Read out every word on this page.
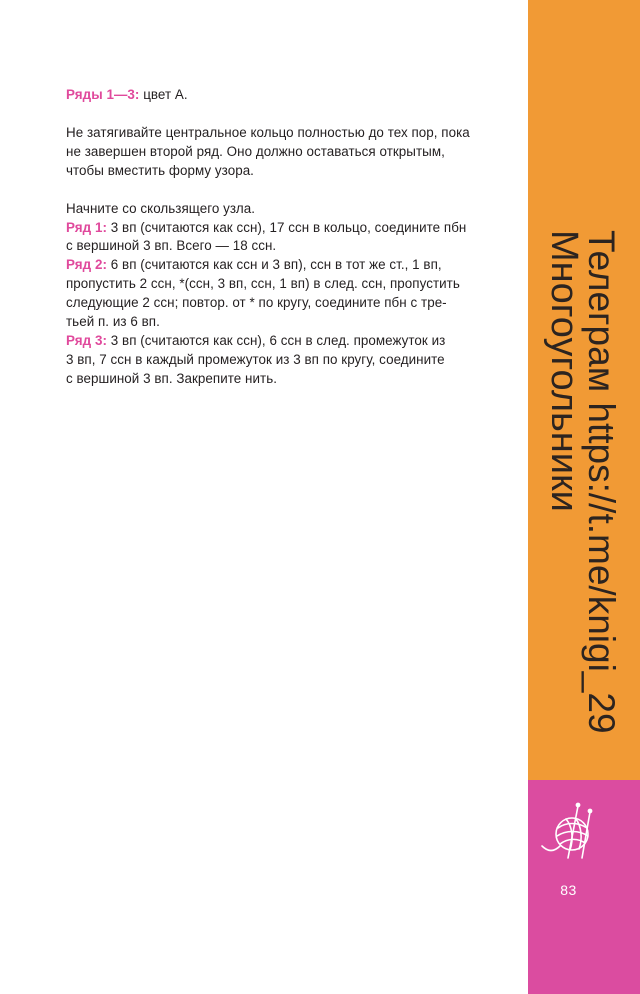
Ряды 1—3: цвет А.

Не затягивайте центральное кольцо полностью до тех пор, пока
не завершен второй ряд. Оно должно оставаться открытым,
чтобы вместить форму узора.

Начните со скользящего узла.

Ряд 1: 3 вп (считаются как ссн), 17 ссн в кольцо, соедините пбн
с вершиной 3 вп. Всего — 18 ссн.

Ряд 2: 6 вп (считаются как ссн и 3 вп), ссн в тот же ст., 1 вп,
пропустить 2 ссн, *(ссн, 3 вп, ссн, 1 вп) в след. ссн, пропустить
следующие 2 ссн; повтор. от * по кругу, соедините пбн с тре-
тьей п. из 6 вп.

Ряд 3: 3 вп (считаются как ссн), 6 ссн в след. промежуток из
3 вп, 7 ссн в каждый промежуток из 3 вп по кругу, соедините
с вершиной 3 вп. Закрепите нить.	Телеграм https://t.me/knigi_29
Многоугольники
83
